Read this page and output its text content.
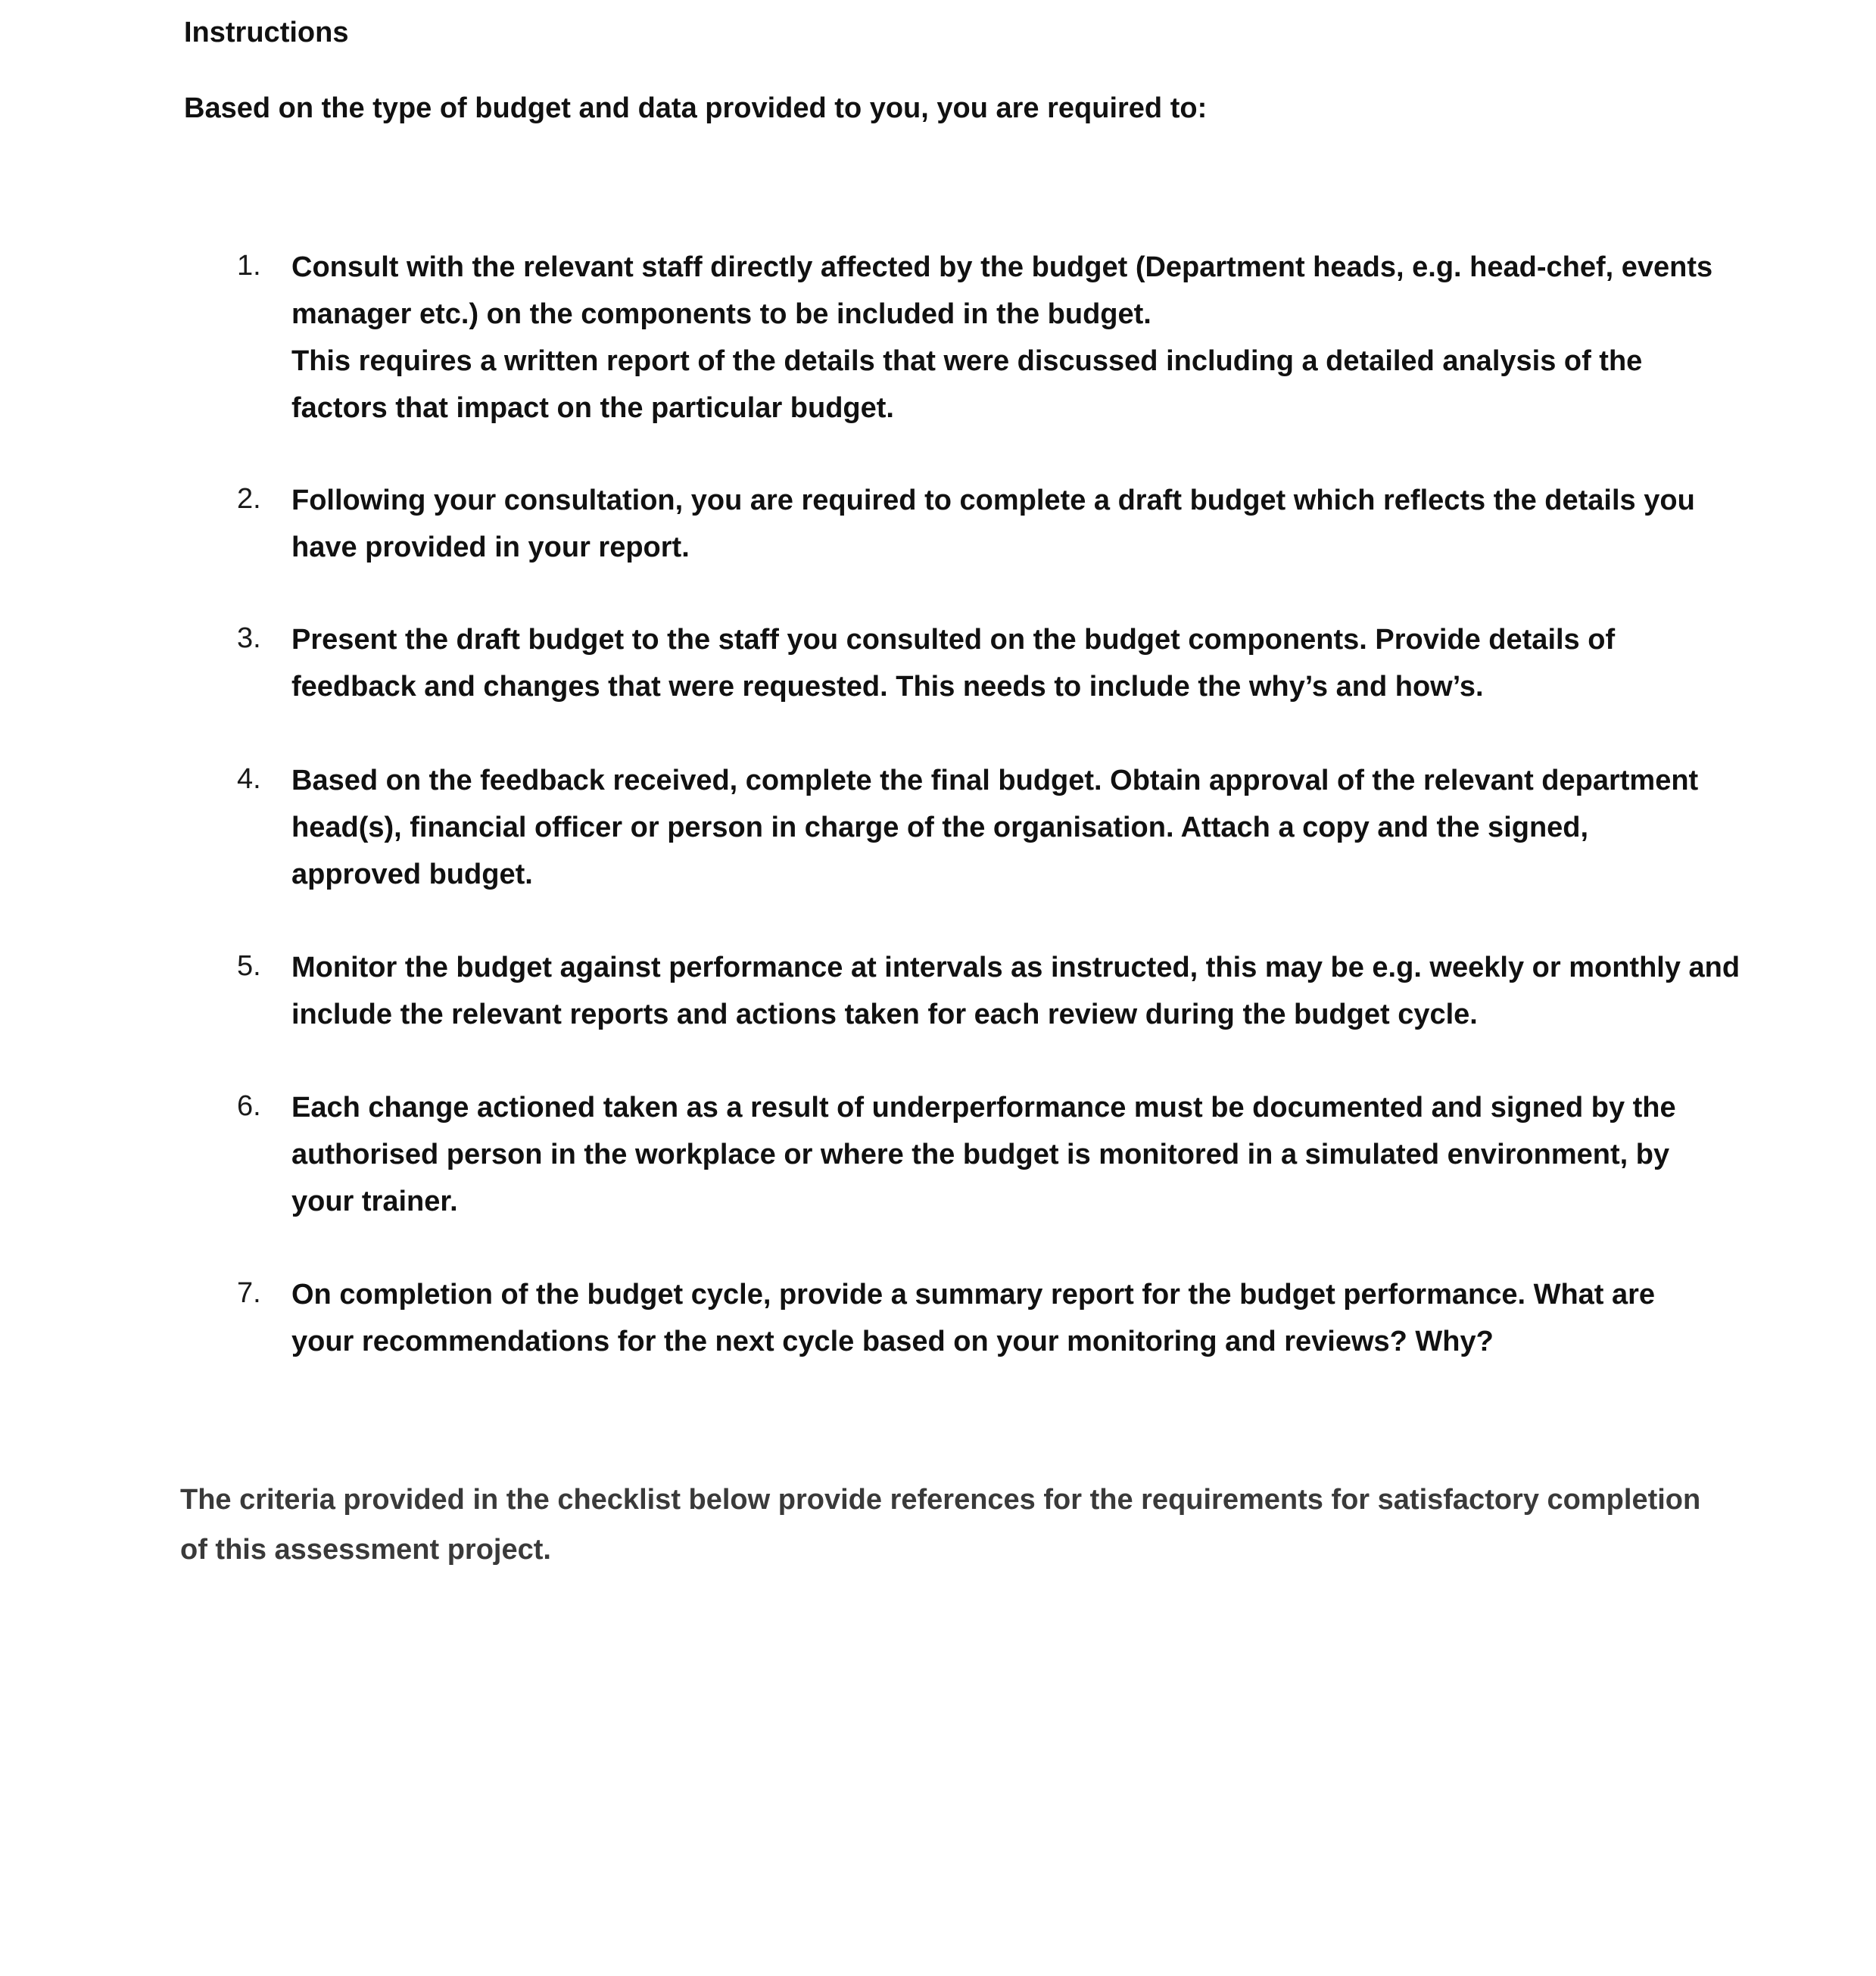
Instructions
Based on the type of budget and data provided to you, you are required to:
1. Consult with the relevant staff directly affected by the budget (Department heads, e.g. head-chef, events manager etc.) on the components to be included in the budget.

This requires a written report of the details that were discussed including a detailed analysis of the factors that impact on the particular budget.

2. Following your consultation, you are required to complete a draft budget which reflects the details you have provided in your report.

3. Present the draft budget to the staff you consulted on the budget components. Provide details of feedback and changes that were requested. This needs to include the why’s and how’s.

4. Based on the feedback received, complete the final budget. Obtain approval of the relevant department head(s), financial officer or person in charge of the organisation. Attach a copy and the signed, approved budget.

5. Monitor the budget against performance at intervals as instructed, this may be e.g. weekly or monthly and include the relevant reports and actions taken for each review during the budget cycle.

6. Each change actioned taken as a result of underperformance must be documented and signed by the authorised person in the workplace or where the budget is monitored in a simulated environment, by your trainer.

7. On completion of the budget cycle, provide a summary report for the budget performance. What are your recommendations for the next cycle based on your monitoring and reviews? Why?

The criteria provided in the checklist below provide references for the requirements for satisfactory completion of this assessment project.
